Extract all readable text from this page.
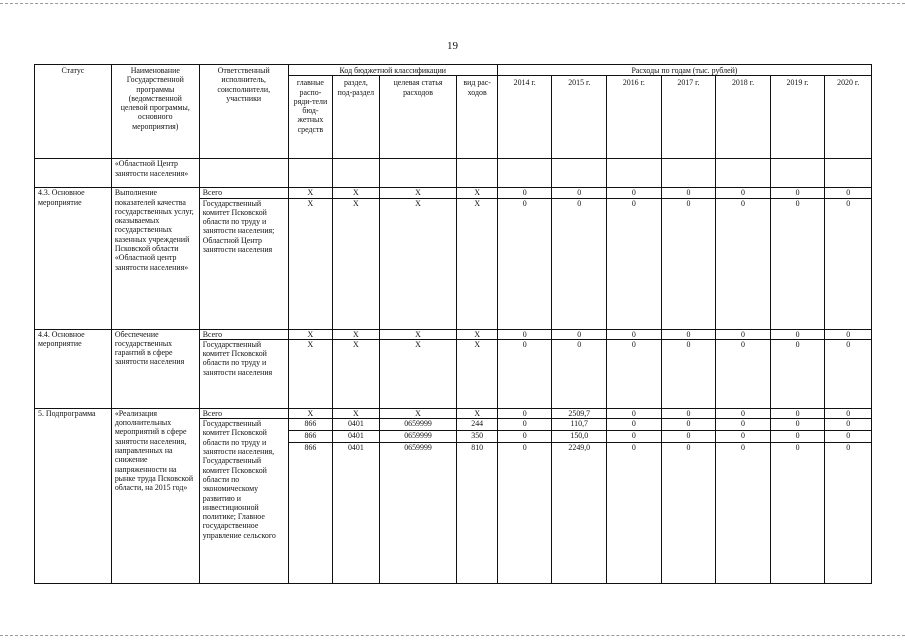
19
Статус	Наименование Государственной программы (ведомственной целевой программы, основного мероприятия)	Ответственный исполнитель, соисполнители, участники	Код бюджетной классификации				Расходы по годам (тыс. рублей)						
			главные распо-ряди-тели бюд-жетных средств	раздел, под-раздел	целевая статья расходов	вид рас-ходов	2014 г.	2015 г.	2016 г.	2017 г.	2018 г.	2019 г.	2020 г.
	«Областной Центр занятости населения»												
4.3. Основное мероприятие	Выполнение показателей качества государственных услуг, оказываемых государственных казенных учреждений Псковской области «Областной центр занятости населения»	Всего	X	X	X	X	0	0	0	0	0	0	0
		Государственный комитет Псковской области по труду и занятости населения; Областной Центр занятости населения	X	X	X	X	0	0	0	0	0	0	0
4.4. Основное мероприятие	Обеспечение государственных гарантий в сфере занятости населения	Всего	X	X	X	X	0	0	0	0	0	0	0
		Государственный комитет Псковской области по труду и занятости населения	X	X	X	X	0	0	0	0	0	0	0
5. Подпрограмма	«Реализация дополнительных мероприятий в сфере занятости населения, направленных на снижение напряженности на рынке труда Псковской области, на 2015 год»	Всего	X	X	X	X	0	2509,7	0	0	0	0	0
		Государственный комитет Псковской области по труду и занятости населения, Государственный комитет Псковской области по экономическому развитию и инвестиционной политике; Главное государственное управление сельского	866	0401	0659999	244	0	110,7	0	0	0	0	0
			866	0401	0659999	350	0	150,0	0	0	0	0	0
			866	0401	0659999	810	0	2249,0	0	0	0	0	0
